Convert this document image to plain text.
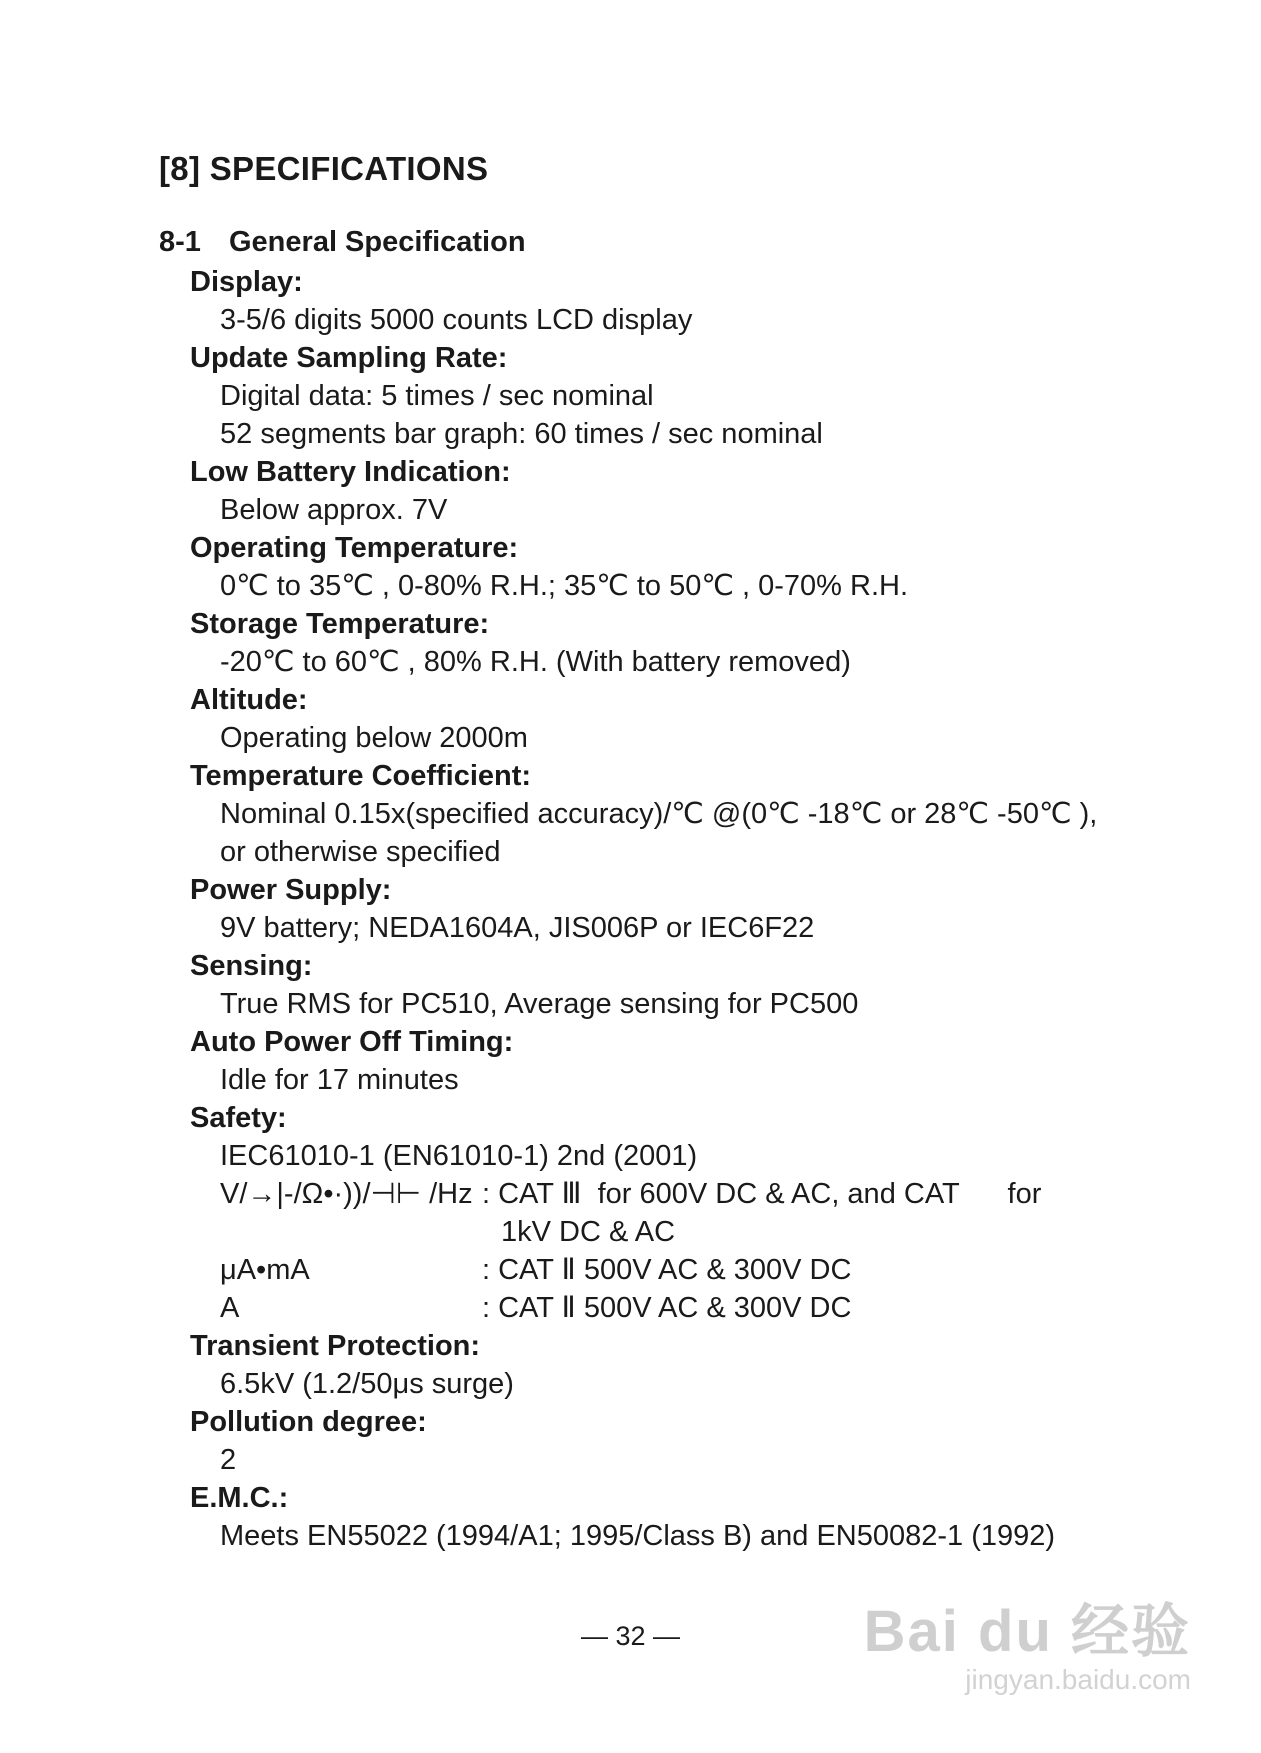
[8] SPECIFICATIONS
8-1 General Specification
Display:
3-5/6 digits 5000 counts LCD display
Update Sampling Rate:
Digital data: 5 times / sec nominal
52 segments bar graph: 60 times / sec nominal
Low Battery Indication:
Below approx. 7V
Operating Temperature:
0℃ to 35℃ , 0-80% R.H.; 35℃ to 50℃ , 0-70% R.H.
Storage Temperature:
-20℃ to 60℃ , 80% R.H. (With battery removed)
Altitude:
Operating below 2000m
Temperature Coefficient:
Nominal 0.15x(specified accuracy)/℃ @(0℃ -18℃ or 28℃ -50℃ ),
or otherwise specified
Power Supply:
9V battery; NEDA1604A, JIS006P or IEC6F22
Sensing:
True RMS for PC510, Average sensing for PC500
Auto Power Off Timing:
Idle for 17 minutes
Safety:
IEC61010-1 (EN61010-1) 2nd (2001)
V/→|-/Ω•·))/⊣⊢ /Hz : CAT Ⅲ  for 600V DC & AC, and CAT      for
1kV DC & AC
μA•mA	: CAT Ⅱ 500V AC & 300V DC
A	: CAT Ⅱ 500V AC & 300V DC
Transient Protection:
6.5kV (1.2/50μs surge)
Pollution degree:
2
E.M.C.:
Meets EN55022 (1994/A1; 1995/Class B) and EN50082-1 (1992)
— 32 —	Bai du 经验
jingyan.baidu.com
